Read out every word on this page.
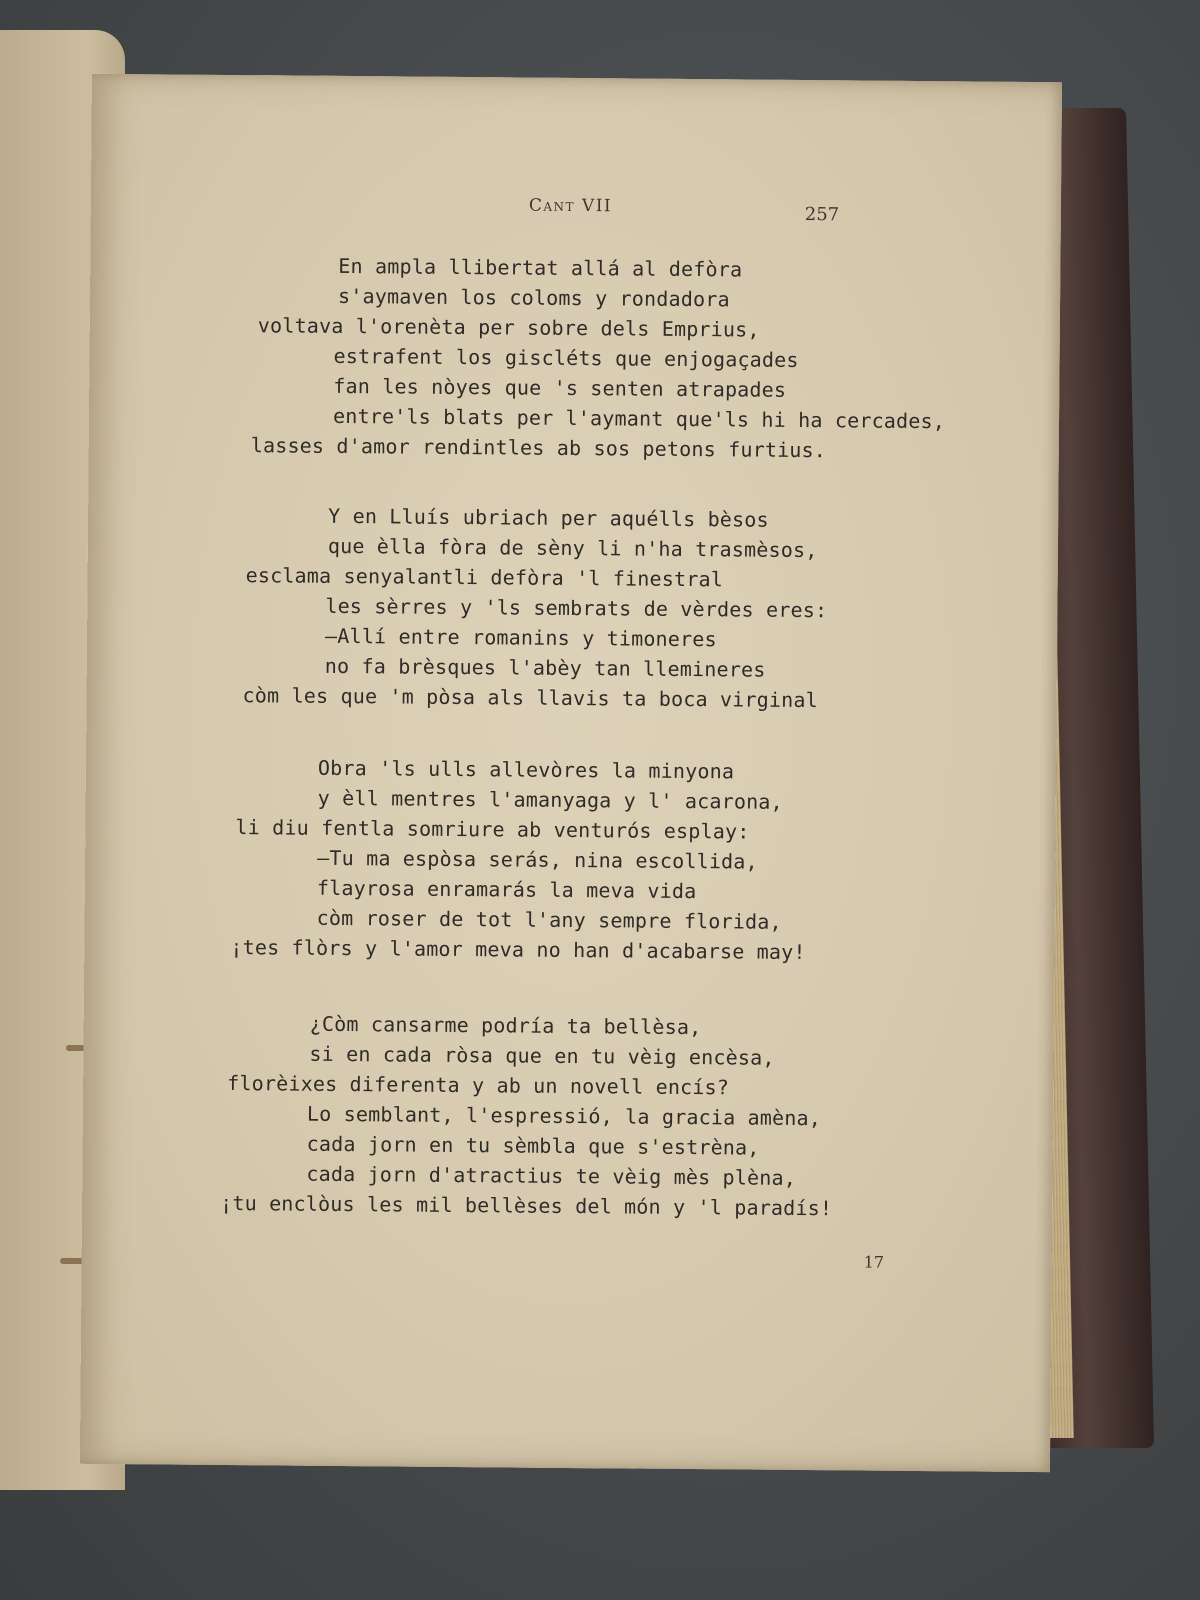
Cant VII	257
En ampla llibertat allá al defòra
s'aymaven los coloms y rondadora
voltava l'orenèta per sobre dels Emprius,
estrafent los giscléts que enjogaçades
fan les nòyes que 's senten atrapades
entre'ls blats per l'aymant que'ls hi ha cercades,
lasses d'amor rendintles ab sos petons furtius.
Y en Lluís ubriach per aquélls bèsos
que èlla fòra de sèny li n'ha trasmèsos,
esclama senyalantli defòra 'l finestral
les sèrres y 'ls sembrats de vèrdes eres:
—Allí entre romanins y timoneres
no fa brèsques l'abèy tan llemineres
còm les que 'm pòsa als llavis ta boca virginal
Obra 'ls ulls allevòres la minyona
y èll mentres l'amanyaga y l' acarona,
li diu fentla somriure ab venturós esplay:
—Tu ma espòsa serás, nina escollida,
flayrosa enramarás la meva vida
còm roser de tot l'any sempre florida,
¡tes flòrs y l'amor meva no han d'acabarse may!
¿Còm cansarme podría ta bellèsa,
si en cada ròsa que en tu vèig encèsa,
florèixes diferenta y ab un novell encís?
Lo semblant, l'espressió, la gracia amèna,
cada jorn en tu sèmbla que s'estrèna,
cada jorn d'atractius te vèig mès plèna,
¡tu enclòus les mil bellèses del món y 'l paradís!
17
